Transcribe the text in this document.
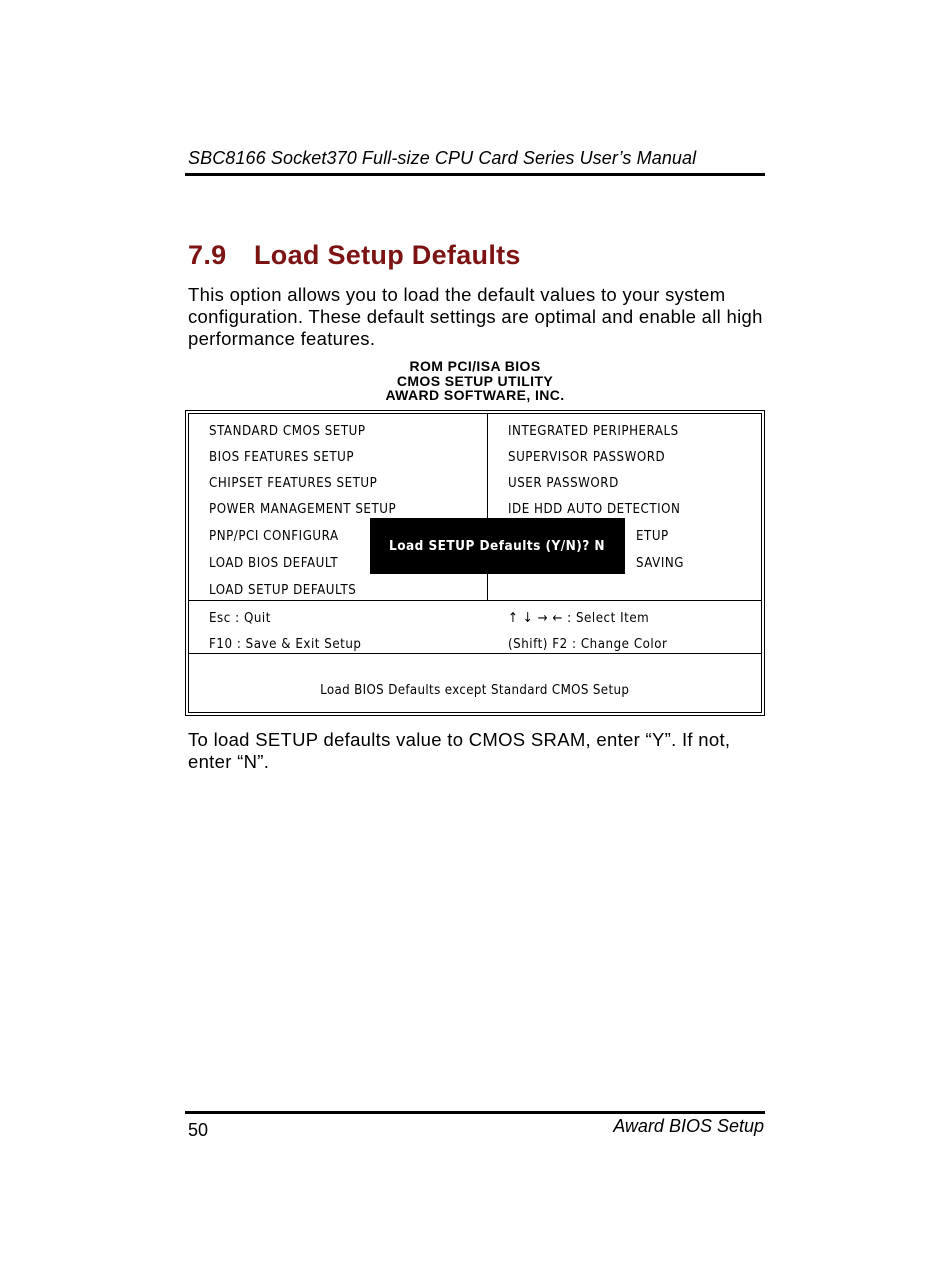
SBC8166 Socket370 Full-size CPU Card Series User’s Manual
7.9 Load Setup Defaults

This option allows you to load the default values to your system configuration. These default settings are optimal and enable all high performance features.

ROM PCI/ISA BIOS
CMOS SETUP UTILITY
AWARD SOFTWARE, INC.
STANDARD CMOS SETUP
BIOS FEATURES SETUP
CHIPSET FEATURES SETUP
POWER MANAGEMENT SETUP
PNP/PCI CONFIGURA
LOAD BIOS DEFAULT
LOAD SETUP DEFAULTS
INTEGRATED PERIPHERALS
SUPERVISOR PASSWORD
USER PASSWORD
IDE HDD AUTO DETECTION
ETUP
SAVING
Load SETUP Defaults (Y/N)? N
Esc : Quit
F10 : Save & Exit Setup
↑ ↓ → ← : Select Item
(Shift) F2 : Change Color
Load BIOS Defaults except Standard CMOS Setup

To load SETUP defaults value to CMOS SRAM, enter “Y”. If not, enter “N”.

50	Award BIOS Setup
